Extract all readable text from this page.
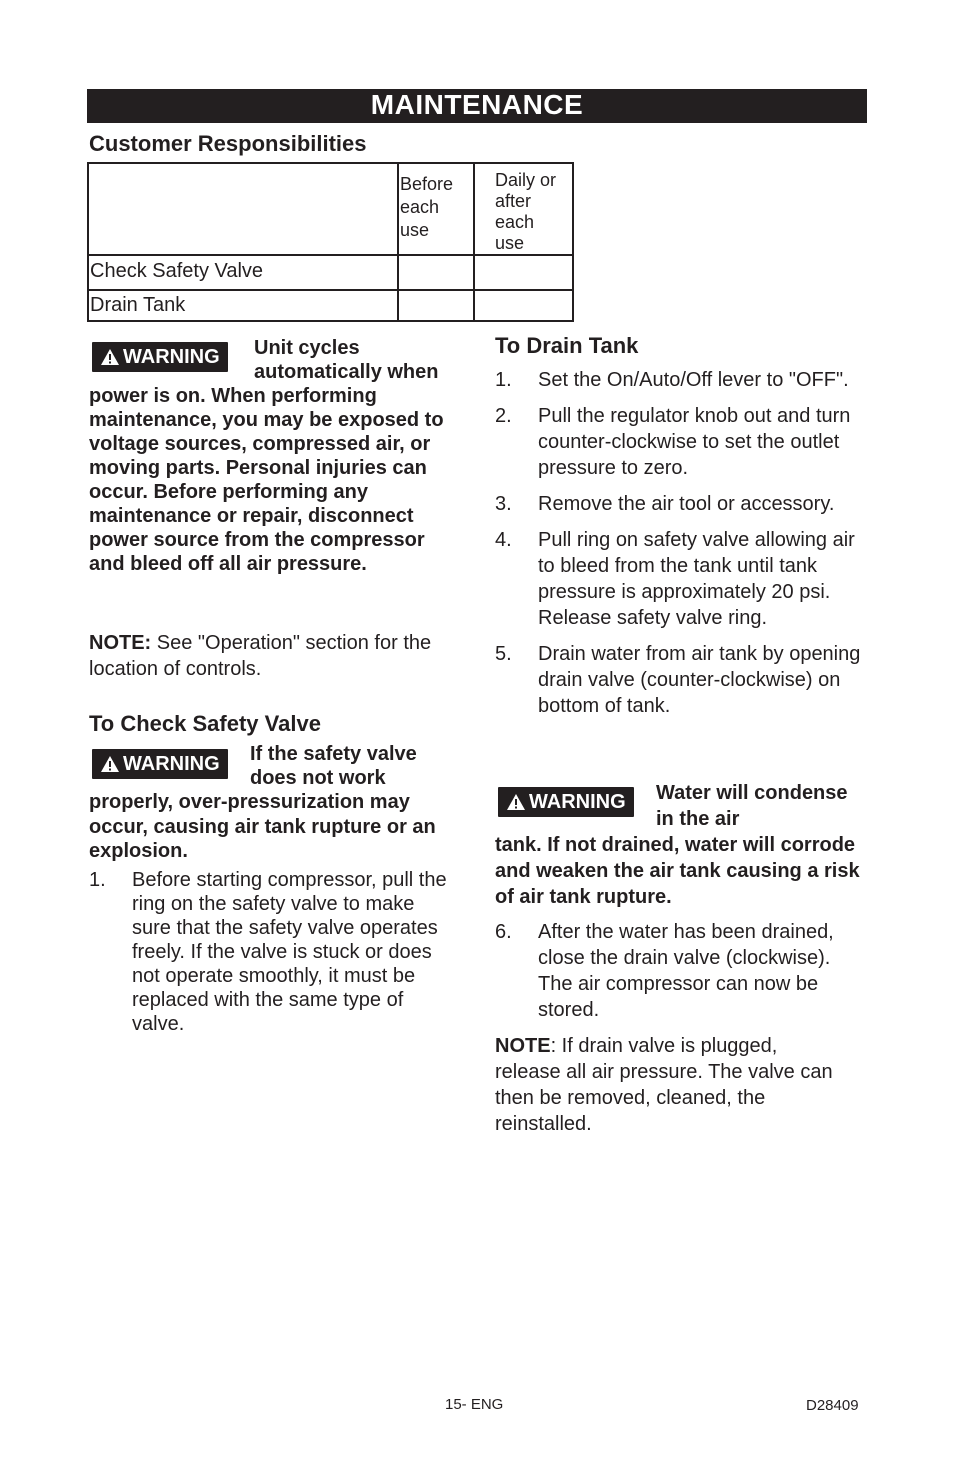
MAINTENANCE
Customer Responsibilities

	Before each use	Daily or after each use

Check Safety Valve		
Drain Tank		
WARNING Unit cycles automatically when
power is on. When performing maintenance, you may be exposed to voltage sources, compressed air, or moving parts. Personal injuries can occur. Before performing any maintenance or repair, disconnect power source from the compressor and bleed off all air pressure.
NOTE: See "Operation" section for the location of controls.
To Check Safety Valve
WARNING If the safety valve does not work
properly, over-pressurization may occur, causing air tank rupture or an explosion.
1.	Before starting compressor, pull the ring on the safety valve to make sure that the safety valve operates freely. If the valve is stuck or does not operate smoothly, it must be replaced with the same type of valve.
To Drain Tank
1.	Set the On/Auto/Off lever to "OFF".
2.	Pull the regulator knob out and turn counter-clockwise to set the outlet pressure to zero.
3.	Remove the air tool or accessory.
4.	Pull ring on safety valve allowing air to bleed from the tank until tank pressure is approximately 20 psi. Release safety valve ring.
5.	Drain water from air tank by opening drain valve (counter-clockwise) on bottom of tank.
WARNING Water will condense in the air
tank. If not drained, water will corrode and weaken the air tank causing a risk of air tank rupture.
6.	After the water has been drained, close the drain valve (clockwise). The air compressor can now be stored.
NOTE: If drain valve is plugged, release all air pressure. The valve can then be removed, cleaned, the reinstalled.
15- ENG	D28409
